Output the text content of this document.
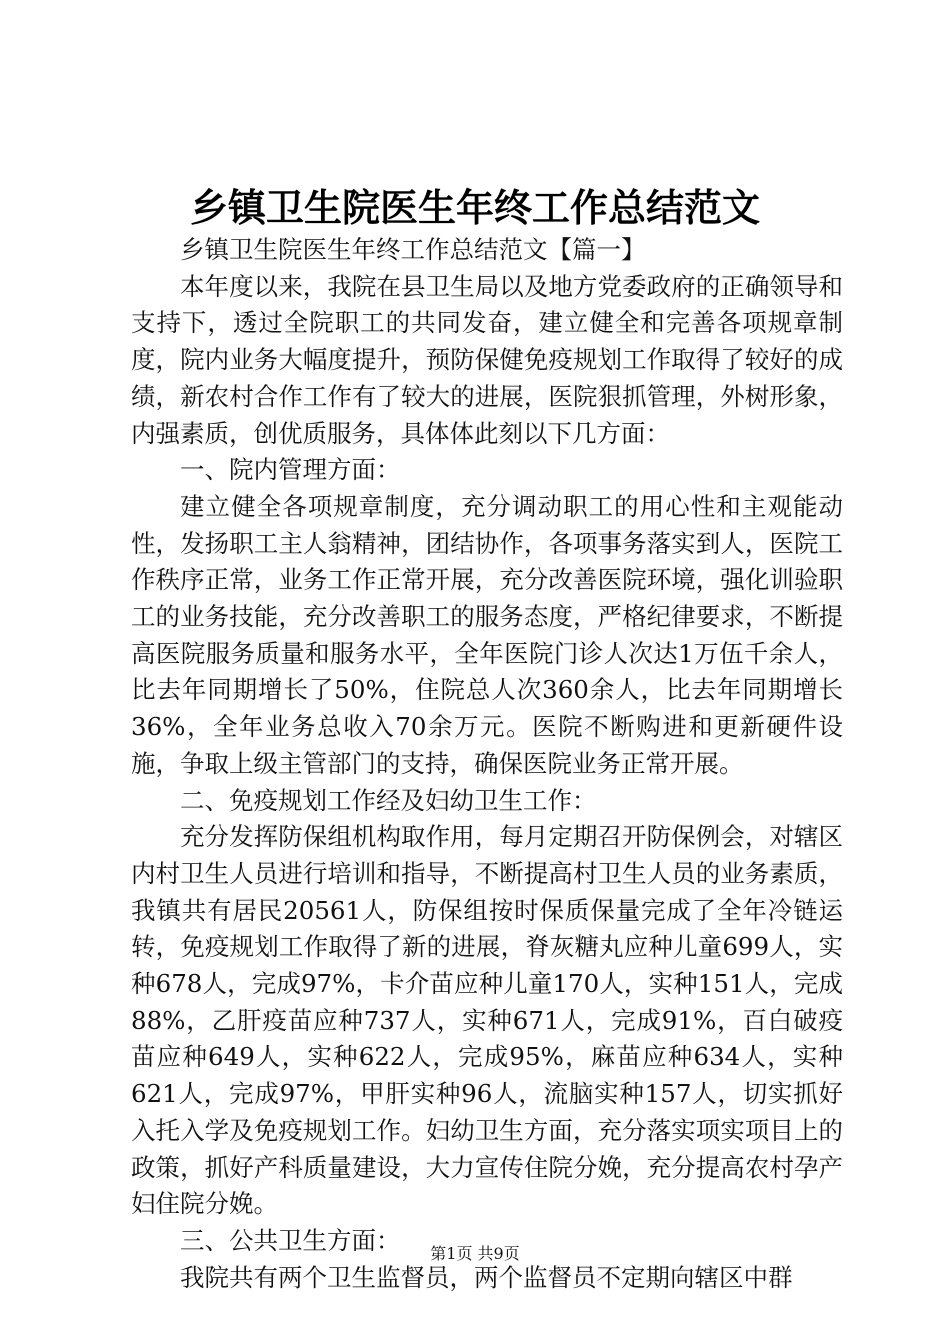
乡镇卫生院医生年终工作总结范文

乡镇卫生院医生年终工作总结范文【篇一】

本年度以来，我院在县卫生局以及地方党委政府的正确领导和支持下，透过全院职工的共同发奋，建立健全和完善各项规章制度，院内业务大幅度提升，预防保健免疫规划工作取得了较好的成绩，新农村合作工作有了较大的进展，医院狠抓管理，外树形象，内强素质，创优质服务，具体体此刻以下几方面：

一、院内管理方面：

建立健全各项规章制度，充分调动职工的用心性和主观能动性，发扬职工主人翁精神，团结协作，各项事务落实到人，医院工作秩序正常，业务工作正常开展，充分改善医院环境，强化训验职工的业务技能，充分改善职工的服务态度，严格纪律要求，不断提高医院服务质量和服务水平，全年医院门诊人次达1万伍千余人，比去年同期增长了50%，住院总人次360余人，比去年同期增长36%，全年业务总收入70余万元。医院不断购进和更新硬件设施，争取上级主管部门的支持，确保医院业务正常开展。

二、免疫规划工作经及妇幼卫生工作：

充分发挥防保组机构取作用，每月定期召开防保例会，对辖区内村卫生人员进行培训和指导，不断提高村卫生人员的业务素质，我镇共有居民20561人，防保组按时保质保量完成了全年冷链运转，免疫规划工作取得了新的进展，脊灰糖丸应种儿童699人，实种678人，完成97%，卡介苗应种儿童170人，实种151人，完成88%，乙肝疫苗应种737人，实种671人，完成91%，百白破疫苗应种649人，实种622人，完成95%，麻苗应种634人，实种621人，完成97%，甲肝实种96人，流脑实种157人，切实抓好入托入学及免疫规划工作。妇幼卫生方面，充分落实项实项目上的政策，抓好产科质量建设，大力宣传住院分娩，充分提高农村孕产妇住院分娩。

三、公共卫生方面：

我院共有两个卫生监督员，两个监督员不定期向辖区中群

第1页 共9页
